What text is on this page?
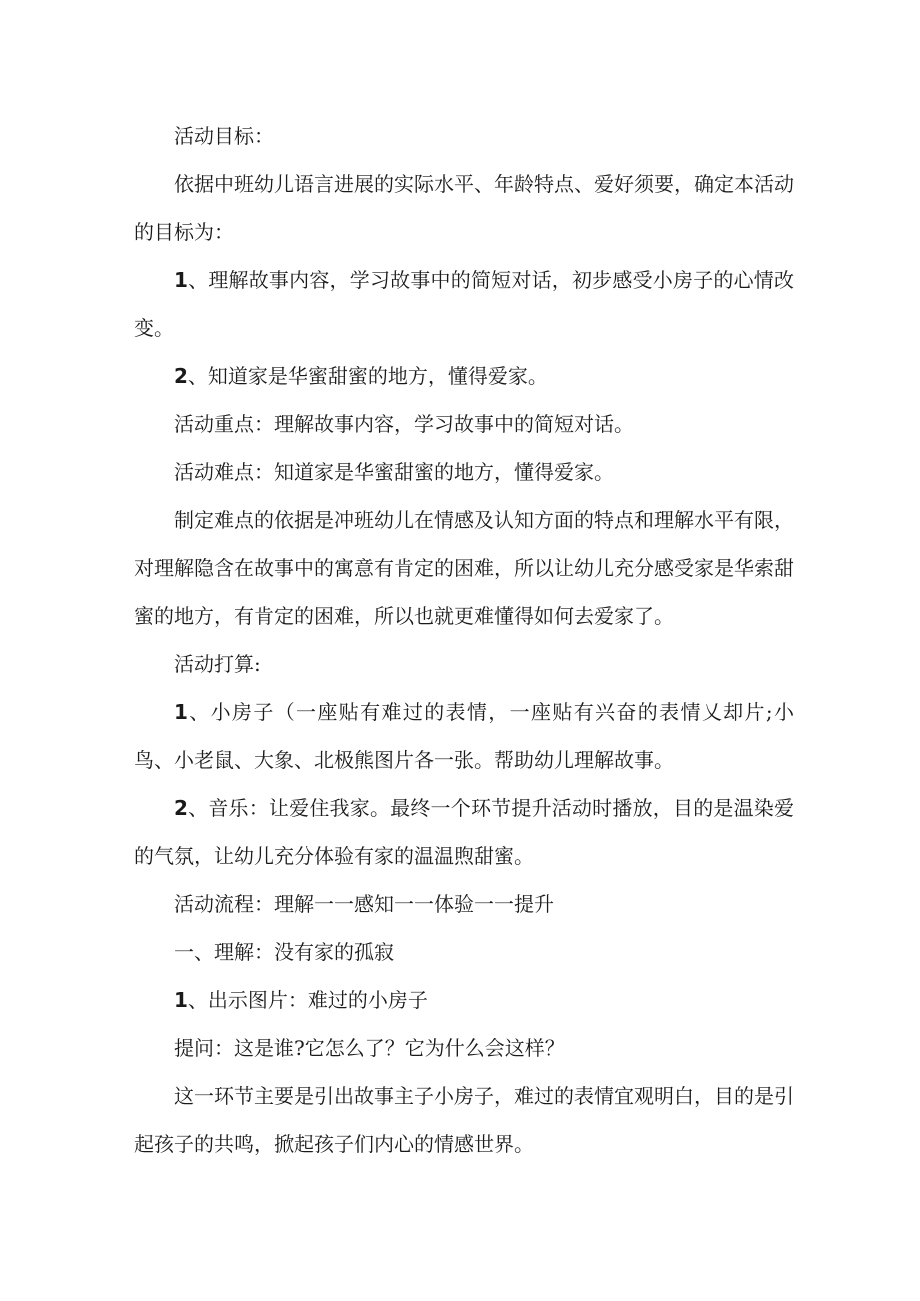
活动目标：

依据中班幼儿语言进展的实际水平、年龄特点、爱好须要，确定本活动的目标为：

1、理解故事内容，学习故事中的简短对话，初步感受小房子的心情改变。

2、知道家是华蜜甜蜜的地方，懂得爱家。

活动重点：理解故事内容，学习故事中的简短对话。

活动难点：知道家是华蜜甜蜜的地方，懂得爱家。

制定难点的依据是冲班幼儿在情感及认知方面的特点和理解水平有限，对理解隐含在故事中的寓意有肯定的困难，所以让幼儿充分感受家是华索甜蜜的地方，有肯定的困难，所以也就更难懂得如何去爱家了。

活动打算:

1、小房子（一座贴有难过的表情，一座贴有兴奋的表情乂却片;小鸟、小老鼠、大象、北极熊图片各一张。帮助幼儿理解故事。

2、音乐：让爱住我家。最终一个环节提升活动时播放，目的是温染爱的气氛，让幼儿充分体验有家的温温煦甜蜜。

活动流程：理解一一感知一一体验一一提升

一、理解：没有家的孤寂

1、出示图片：难过的小房子

提问：这是谁?它怎么了？它为什么会这样？

这一环节主要是引出故事主子小房子，难过的表情宜观明白，目的是引起孩子的共鸣，掀起孩子们内心的情感世界。
